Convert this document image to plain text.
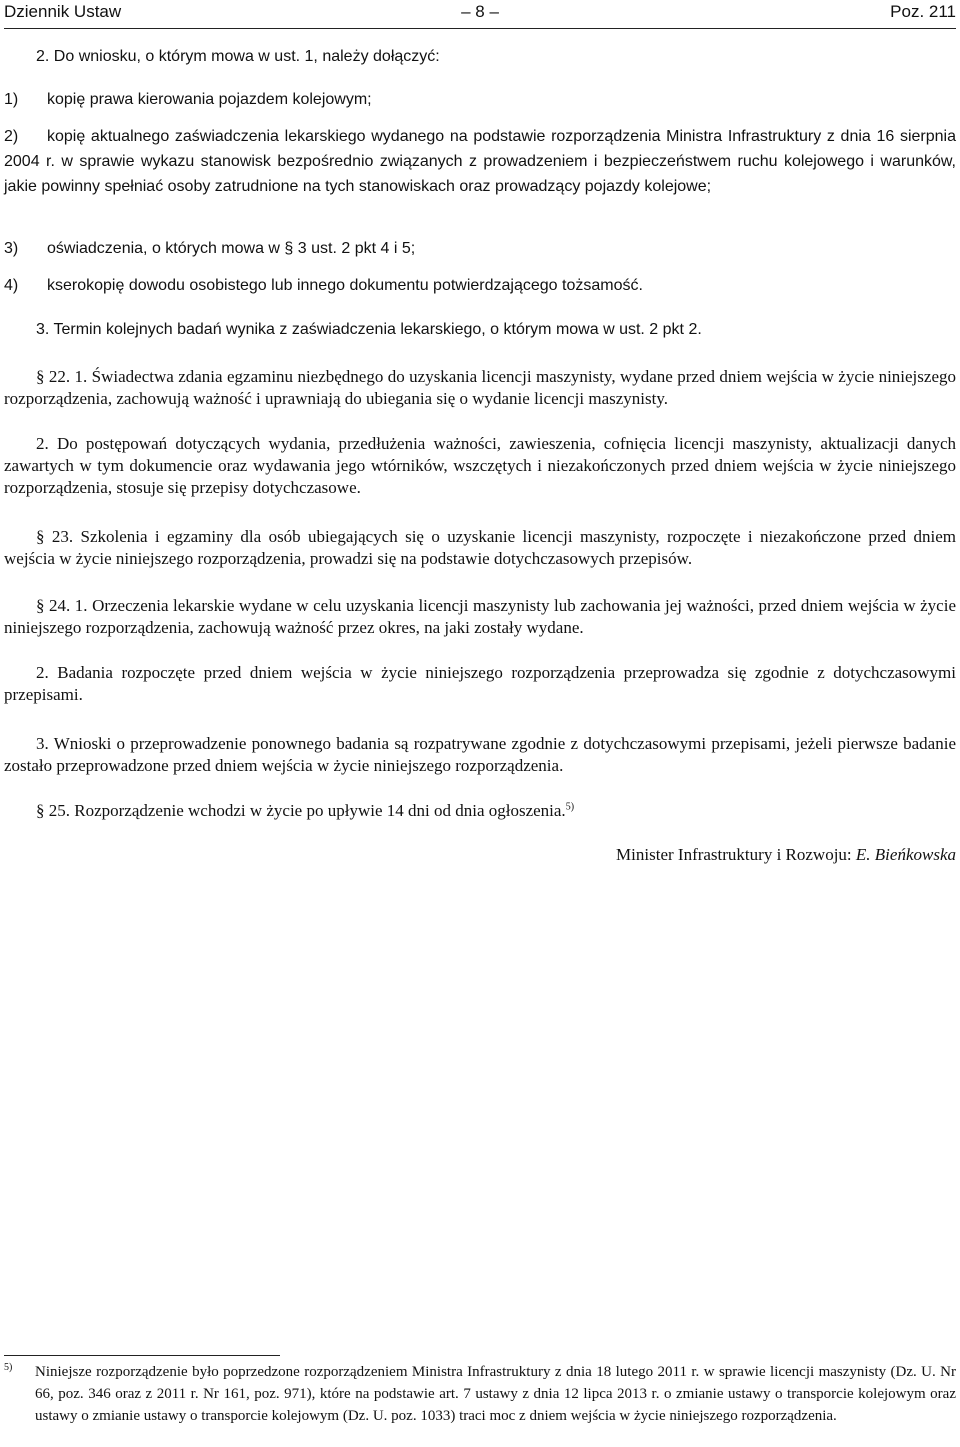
Dziennik Ustaw	– 8 –	Poz. 211
2. Do wniosku, o którym mowa w ust. 1, należy dołączyć:
1) kopię prawa kierowania pojazdem kolejowym;
2)	kopię aktualnego zaświadczenia lekarskiego wydanego na podstawie rozporządzenia Ministra Infrastruktury z dnia 16 sierpnia 2004 r. w sprawie wykazu stanowisk bezpośrednio związanych z prowadzeniem i bezpieczeństwem ruchu kolejowego i warunków, jakie powinny spełniać osoby zatrudnione na tych stanowiskach oraz prowadzący pojazdy kolejowe;
3) oświadczenia, o których mowa w § 3 ust. 2 pkt 4 i 5;
4) kserokopię dowodu osobistego lub innego dokumentu potwierdzającego tożsamość.
3. Termin kolejnych badań wynika z zaświadczenia lekarskiego, o którym mowa w ust. 2 pkt 2.
§ 22. 1. Świadectwa zdania egzaminu niezbędnego do uzyskania licencji maszynisty, wydane przed dniem wejścia w życie niniejszego rozporządzenia, zachowują ważność i uprawniają do ubiegania się o wydanie licencji maszynisty.
2. Do postępowań dotyczących wydania, przedłużenia ważności, zawieszenia, cofnięcia licencji maszynisty, aktualizacji danych zawartych w tym dokumencie oraz wydawania jego wtórników, wszczętych i niezakończonych przed dniem wejścia w życie niniejszego rozporządzenia, stosuje się przepisy dotychczasowe.
§ 23. Szkolenia i egzaminy dla osób ubiegających się o uzyskanie licencji maszynisty, rozpoczęte i niezakończone przed dniem wejścia w życie niniejszego rozporządzenia, prowadzi się na podstawie dotychczasowych przepisów.
§ 24. 1. Orzeczenia lekarskie wydane w celu uzyskania licencji maszynisty lub zachowania jej ważności, przed dniem wejścia w życie niniejszego rozporządzenia, zachowują ważność przez okres, na jaki zostały wydane.
2. Badania rozpoczęte przed dniem wejścia w życie niniejszego rozporządzenia przeprowadza się zgodnie z dotychczasowymi przepisami.
3. Wnioski o przeprowadzenie ponownego badania są rozpatrywane zgodnie z dotychczasowymi przepisami, jeżeli pierwsze badanie zostało przeprowadzone przed dniem wejścia w życie niniejszego rozporządzenia.
§ 25. Rozporządzenie wchodzi w życie po upływie 14 dni od dnia ogłoszenia.$^{5)}$
Minister Infrastruktury i Rozwoju: E. Bieńkowska
5) Niniejsze rozporządzenie było poprzedzone rozporządzeniem Ministra Infrastruktury z dnia 18 lutego 2011 r. w sprawie licencji maszynisty (Dz. U. Nr 66, poz. 346 oraz z 2011 r. Nr 161, poz. 971), które na podstawie art. 7 ustawy z dnia 12 lipca 2013 r. o zmianie ustawy o transporcie kolejowym oraz ustawy o zmianie ustawy o transporcie kolejowym (Dz. U. poz. 1033) traci moc z dniem wejścia w życie niniejszego rozporządzenia.
